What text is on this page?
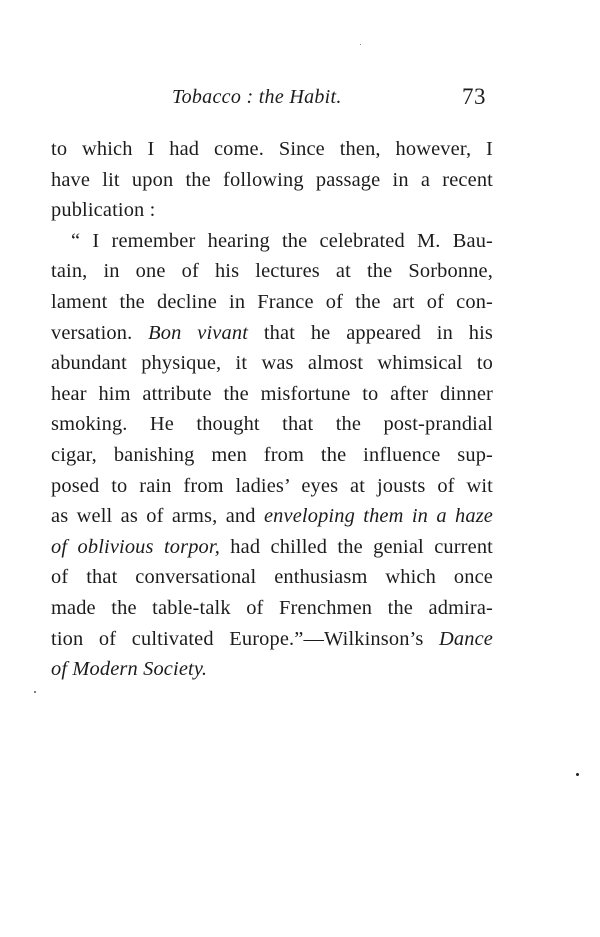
Tobacco : the Habit.	73
to which I had come. Since then, however, I
have lit upon the following passage in a recent
publication :
“ I remember hearing the celebrated M. Bau-
tain, in one of his lectures at the Sorbonne,
lament the decline in France of the art of con-
versation. Bon vivant that he appeared in his
abundant physique, it was almost whimsical to
hear him attribute the misfortune to after dinner
smoking. He thought that the post-prandial
cigar, banishing men from the influence sup-
posed to rain from ladies’ eyes at jousts of wit
as well as of arms, and enveloping them in a haze
of oblivious torpor, had chilled the genial current
of that conversational enthusiasm which once
made the table-talk of Frenchmen the admira-
tion of cultivated Europe.”—Wilkinson’s Dance
of Modern Society.
